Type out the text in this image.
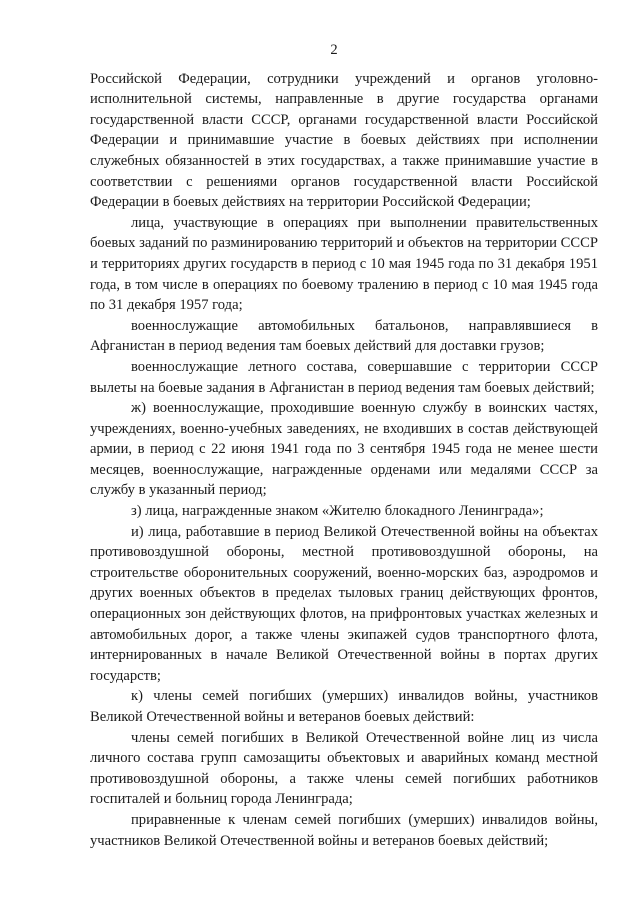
2

Российской Федерации, сотрудники учреждений и органов уголовно-исполнительной системы, направленные в другие государства органами государственной власти СССР, органами государственной власти Российской Федерации и принимавшие участие в боевых действиях при исполнении служебных обязанностей в этих государствах, а также принимавшие участие в соответствии с решениями органов государственной власти Российской Федерации в боевых действиях на территории Российской Федерации;

лица, участвующие в операциях при выполнении правительственных боевых заданий по разминированию территорий и объектов на территории СССР и территориях других государств в период с 10 мая 1945 года по 31 декабря 1951 года, в том числе в операциях по боевому тралению в период с 10 мая 1945 года по 31 декабря 1957 года;

военнослужащие автомобильных батальонов, направлявшиеся в Афганистан в период ведения там боевых действий для доставки грузов;

военнослужащие летного состава, совершавшие с территории СССР вылеты на боевые задания в Афганистан в период ведения там боевых действий;

ж) военнослужащие, проходившие военную службу в воинских частях, учреждениях, военно-учебных заведениях, не входивших в состав действующей армии, в период с 22 июня 1941 года по 3 сентября 1945 года не менее шести месяцев, военнослужащие, награжденные орденами или медалями СССР за службу в указанный период;

з) лица, награжденные знаком «Жителю блокадного Ленинграда»;

и) лица, работавшие в период Великой Отечественной войны на объектах противовоздушной обороны, местной противовоздушной обороны, на строительстве оборонительных сооружений, военно-морских баз, аэродромов и других военных объектов в пределах тыловых границ действующих фронтов, операционных зон действующих флотов, на прифронтовых участках железных и автомобильных дорог, а также члены экипажей судов транспортного флота, интернированных в начале Великой Отечественной войны в портах других государств;

к) члены семей погибших (умерших) инвалидов войны, участников Великой Отечественной войны и ветеранов боевых действий:

члены семей погибших в Великой Отечественной войне лиц из числа личного состава групп самозащиты объектовых и аварийных команд местной противовоздушной обороны, а также члены семей погибших работников госпиталей и больниц города Ленинграда;

приравненные к членам семей погибших (умерших) инвалидов войны, участников Великой Отечественной войны и ветеранов боевых действий;
